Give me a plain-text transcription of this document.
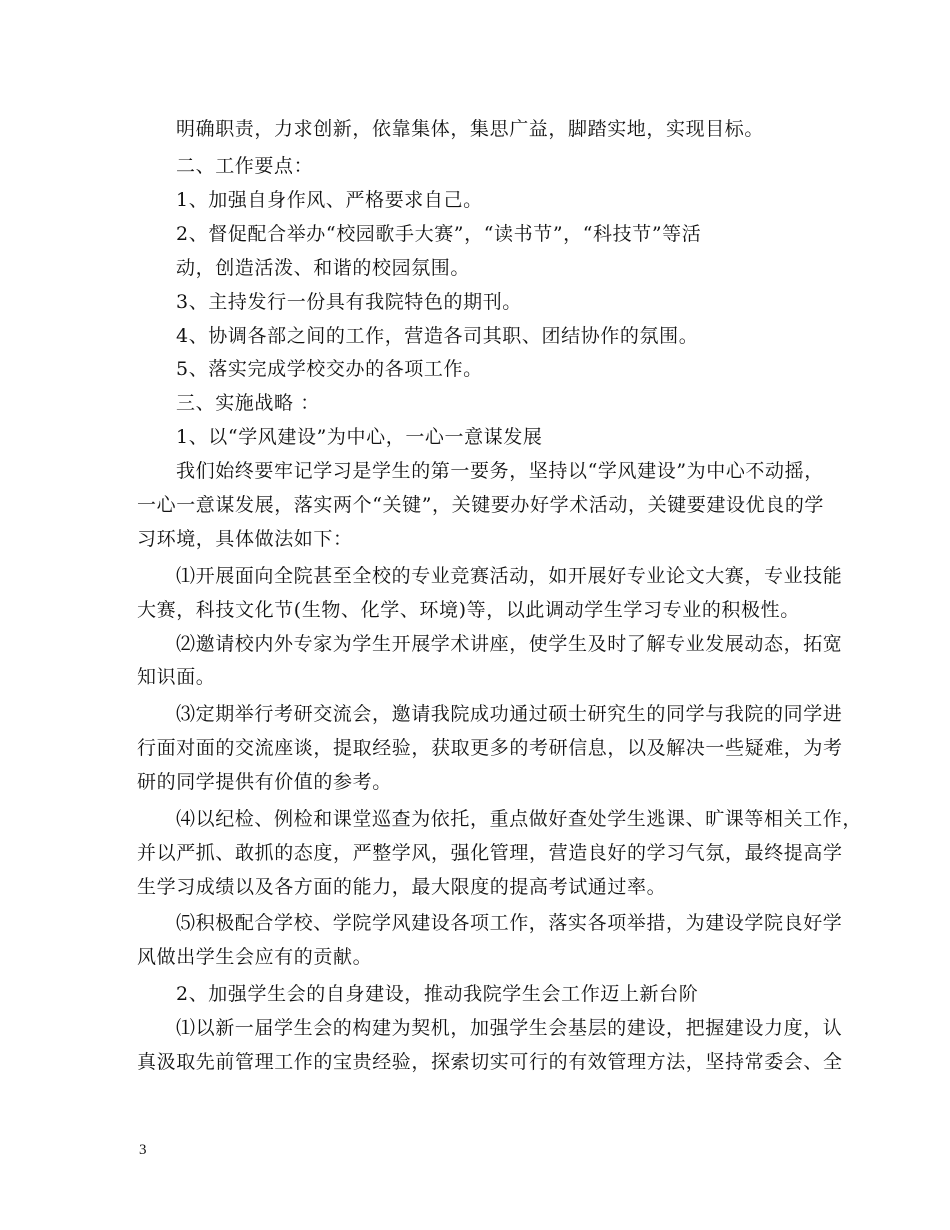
明确职责，力求创新，依靠集体，集思广益，脚踏实地，实现目标。
二、工作要点：
1、加强自身作风、严格要求自己。
2、督促配合举办“校园歌手大赛”，“读书节”，“科技节”等活
动，创造活泼、和谐的校园氛围。
3、主持发行一份具有我院特色的期刊。
4、协调各部之间的工作，营造各司其职、团结协作的氛围。
5、落实完成学校交办的各项工作。
三、实施战略 ：
1、以“学风建设”为中心，一心一意谋发展
我们始终要牢记学习是学生的第一要务，坚持以“学风建设”为中心不动摇，
一心一意谋发展，落实两个“关键”，关键要办好学术活动，关键要建设优良的学
习环境，具体做法如下：
⑴开展面向全院甚至全校的专业竞赛活动，如开展好专业论文大赛，专业技能
大赛，科技文化节(生物、化学、环境)等，以此调动学生学习专业的积极性。
⑵邀请校内外专家为学生开展学术讲座，使学生及时了解专业发展动态，拓宽
知识面。
⑶定期举行考研交流会，邀请我院成功通过硕士研究生的同学与我院的同学进
行面对面的交流座谈，提取经验，获取更多的考研信息，以及解决一些疑难，为考
研的同学提供有价值的参考。
⑷以纪检、例检和课堂巡查为依托，重点做好查处学生逃课、旷课等相关工作，
并以严抓、敢抓的态度，严整学风，强化管理，营造良好的学习气氛，最终提高学
生学习成绩以及各方面的能力，最大限度的提高考试通过率。
⑸积极配合学校、学院学风建设各项工作，落实各项举措，为建设学院良好学
风做出学生会应有的贡献。
2、加强学生会的自身建设，推动我院学生会工作迈上新台阶
⑴以新一届学生会的构建为契机，加强学生会基层的建设，把握建设力度，认
真汲取先前管理工作的宝贵经验，探索切实可行的有效管理方法，坚持常委会、全
3
